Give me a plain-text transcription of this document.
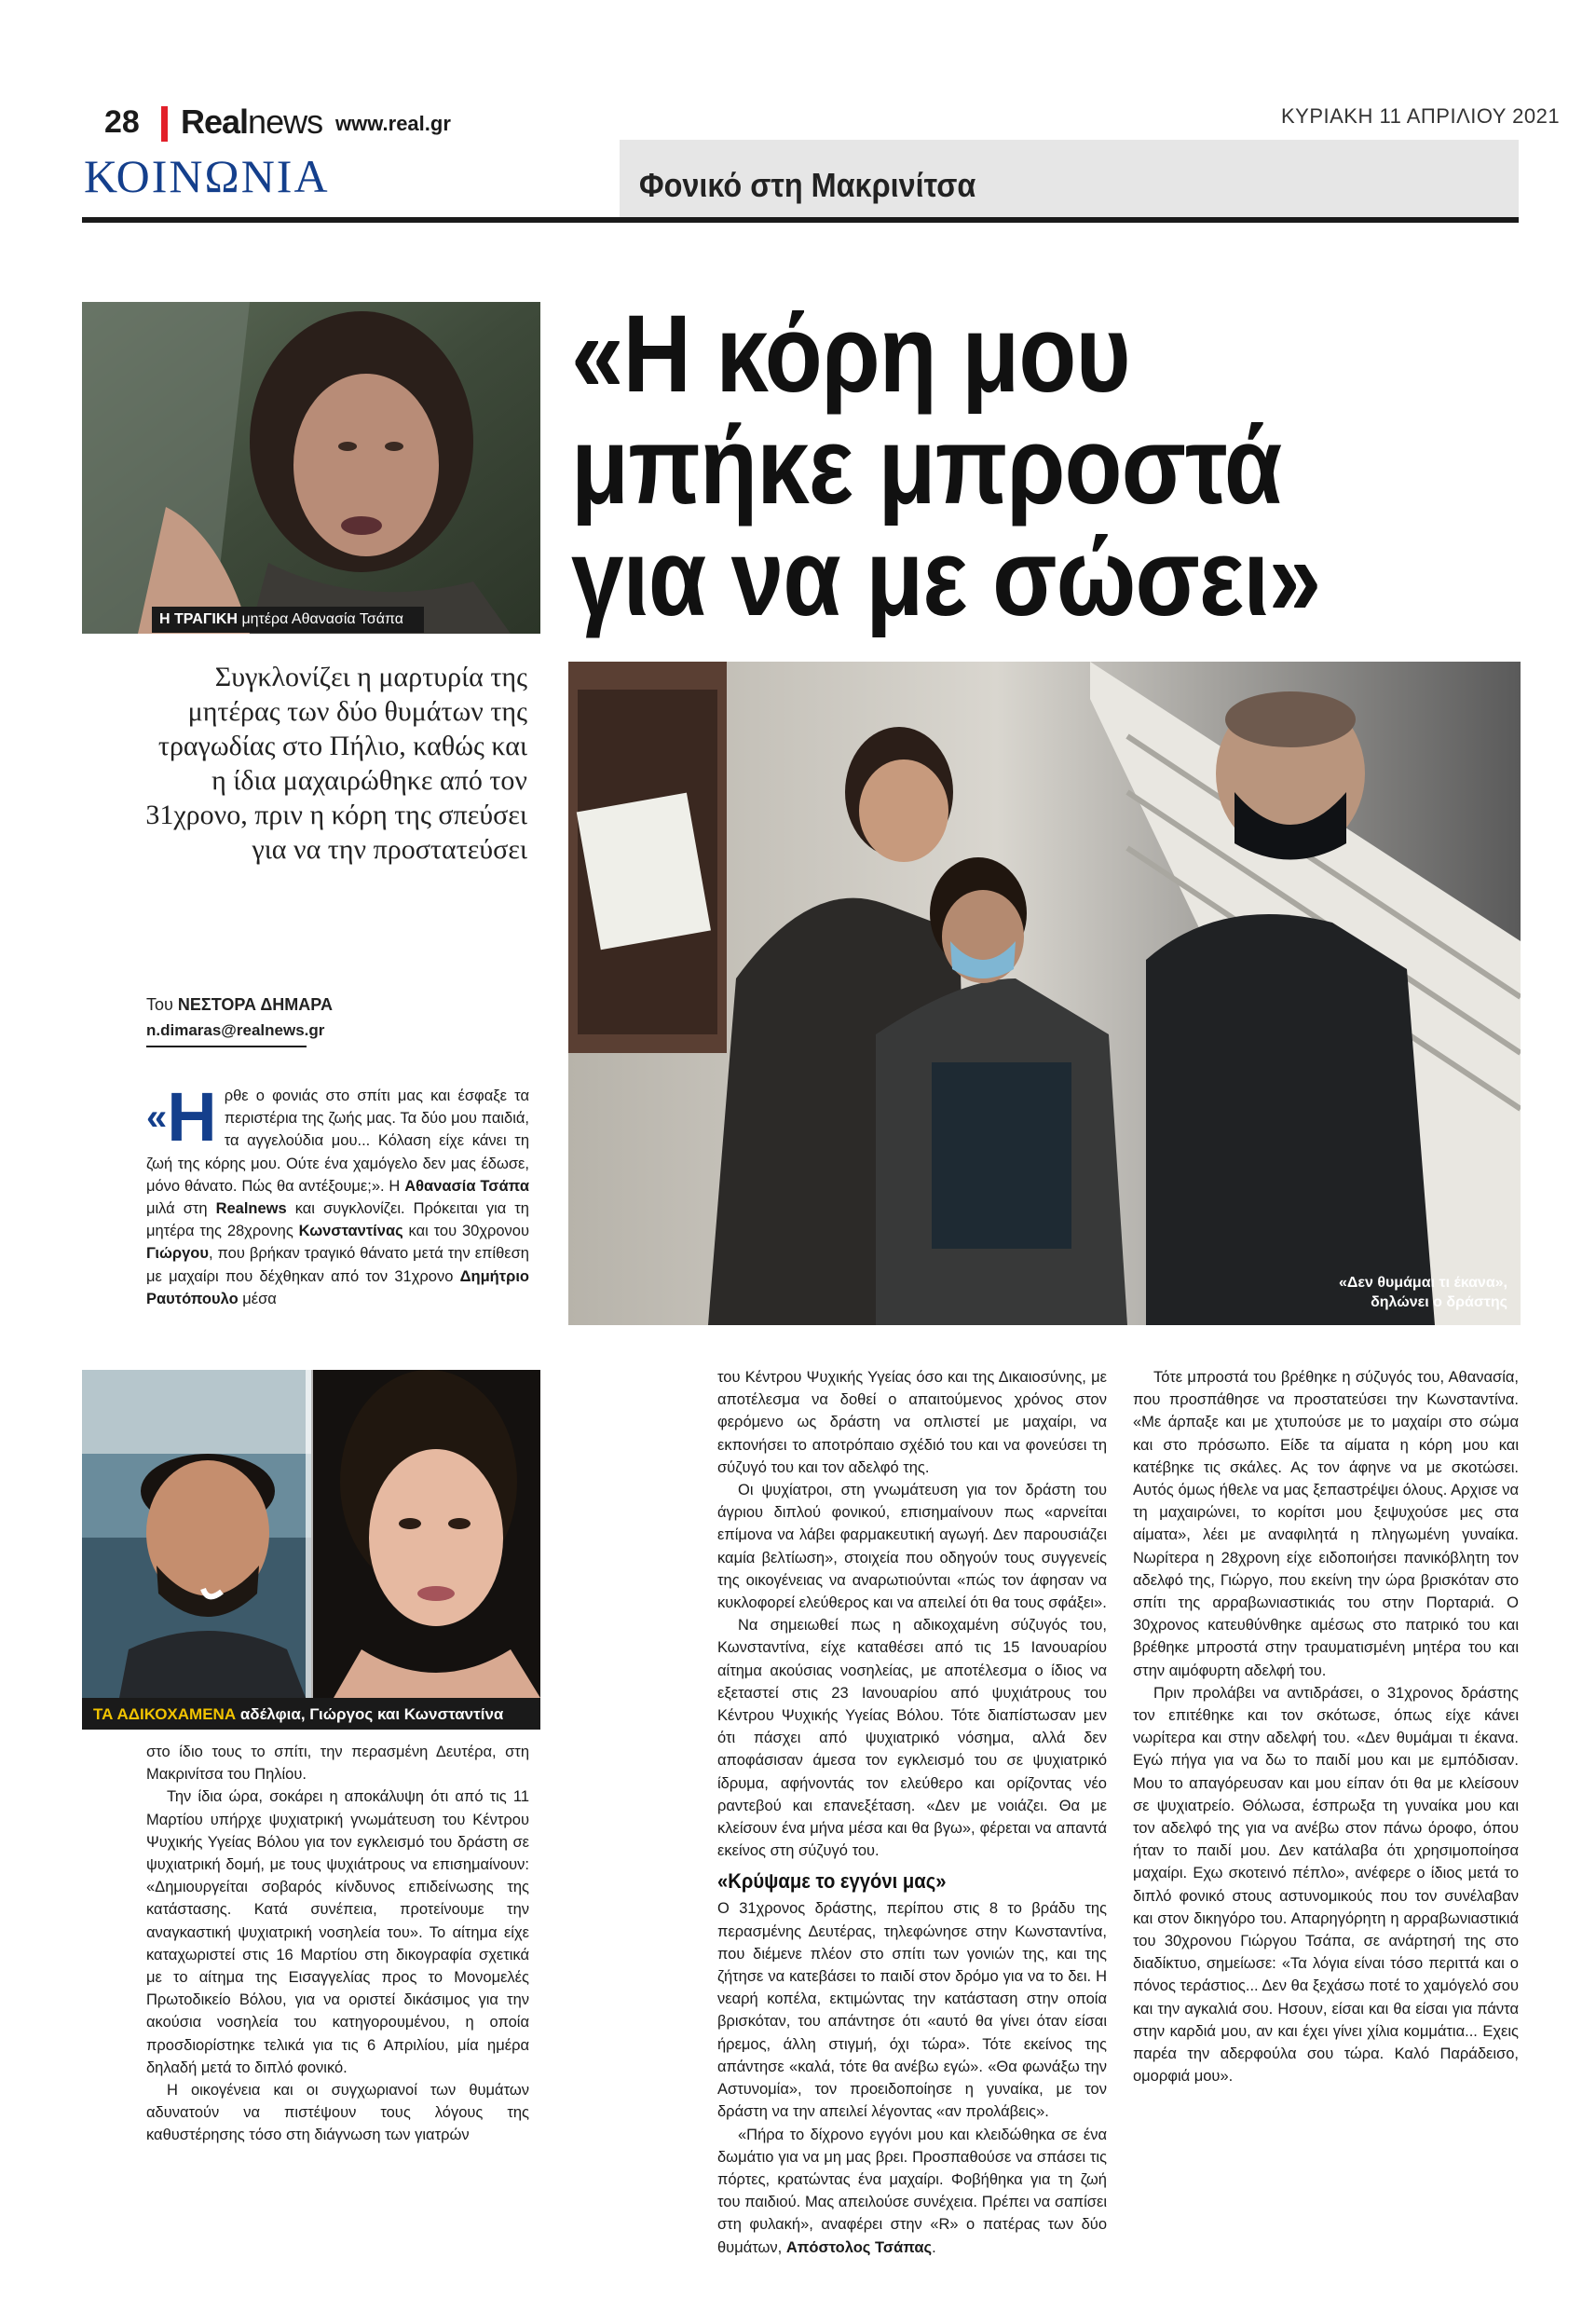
28 Realnews www.real.gr	ΚΥΡΙΑΚΗ 11 ΑΠΡΙΛΙΟΥ 2021
ΚΟΙΝΩΝΙΑ	Φονικό στη Μακρινίτσα
Η ΤΡΑΓΙΚΗ μητέρα Αθανασία Τσάπα
«Η κόρη μου μπήκε μπροστά για να με σώσει»
Συγκλονίζει η μαρτυρία της μητέρας των δύο θυμάτων της τραγωδίας στο Πήλιο, καθώς και η ίδια μαχαιρώθηκε από τον 31χρονο, πριν η κόρη της σπεύσει για να την προστατεύσει
Του ΝΕΣΤΟΡΑ ΔΗΜΑΡΑ
n.dimaras@realnews.gr
«Δεν θυμάμαι τι έκανα»,
δηλώνει ο δράστης
ΤΑ ΑΔΙΚΟΧΑΜΕΝΑ αδέλφια, Γιώργος και Κωνσταντίνα

«Η ρθε ο φονιάς στο σπίτι μας και έσφαξε τα περιστέρια της ζωής μας. Τα δύο μου παιδιά, τα αγγελούδια μου... Κόλαση είχε κάνει τη ζωή της κόρης μου. Ούτε ένα χαμόγελο δεν μας έδωσε, μόνο θάνατο. Πώς θα αντέξουμε;». Η Αθανασία Τσάπα μιλά στη Realnews και συγκλονίζει. Πρόκειται για τη μητέρα της 28χρονης Κωνσταντίνας και του 30χρονου Γιώργου, που βρήκαν τραγικό θάνατο μετά την επίθεση με μαχαίρι που δέχθηκαν από τον 31χρονο Δημήτριο Ραυτόπουλο μέσα

στο ίδιο τους το σπίτι, την περασμένη Δευτέρα, στη Μακρινίτσα του Πηλίου.

Την ίδια ώρα, σοκάρει η αποκάλυψη ότι από τις 11 Μαρτίου υπήρχε ψυχιατρική γνωμάτευση του Κέντρου Ψυχικής Υγείας Βόλου για τον εγκλεισμό του δράστη σε ψυχιατρική δομή, με τους ψυχιάτρους να επισημαίνουν: «Δημιουργείται σοβαρός κίνδυνος επιδείνωσης της κατάστασης. Κατά συνέπεια, προτείνουμε την αναγκαστική ψυχιατρική νοσηλεία του». Το αίτημα είχε καταχωριστεί στις 16 Μαρτίου στη δικογραφία σχετικά με το αίτημα της Εισαγγελίας προς το Μονομελές Πρωτοδικείο Βόλου, για να οριστεί δικάσιμος για την ακούσια νοσηλεία του κατηγορουμένου, η οποία προσδιορίστηκε τελικά για τις 6 Απριλίου, μία ημέρα δηλαδή μετά το διπλό φονικό.

Η οικογένεια και οι συγχωριανοί των θυμάτων αδυνατούν να πιστέψουν τους λόγους της καθυστέρησης τόσο στη διάγνωση των γιατρών

του Κέντρου Ψυχικής Υγείας όσο και της Δικαιοσύνης, με αποτέλεσμα να δοθεί ο απαιτούμενος χρόνος στον φερόμενο ως δράστη να οπλιστεί με μαχαίρι, να εκπονήσει το αποτρόπαιο σχέδιό του και να φονεύσει τη σύζυγό του και τον αδελφό της.

Οι ψυχίατροι, στη γνωμάτευση για τον δράστη του άγριου διπλού φονικού, επισημαίνουν πως «αρνείται επίμονα να λάβει φαρμακευτική αγωγή. Δεν παρουσιάζει καμία βελτίωση», στοιχεία που οδηγούν τους συγγενείς της οικογένειας να αναρωτιούνται «πώς τον άφησαν να κυκλοφορεί ελεύθερος και να απειλεί ότι θα τους σφάξει».

Να σημειωθεί πως η αδικοχαμένη σύζυγός του, Κωνσταντίνα, είχε καταθέσει από τις 15 Ιανουαρίου αίτημα ακούσιας νοσηλείας, με αποτέλεσμα ο ίδιος να εξεταστεί στις 23 Ιανουαρίου από ψυχιάτρους του Κέντρου Ψυχικής Υγείας Βόλου. Τότε διαπίστωσαν μεν ότι πάσχει από ψυχιατρικό νόσημα, αλλά δεν αποφάσισαν άμεσα τον εγκλεισμό του σε ψυχιατρικό ίδρυμα, αφήνοντάς τον ελεύθερο και ορίζοντας νέο ραντεβού και επανεξέταση. «Δεν με νοιάζει. Θα με κλείσουν ένα μήνα μέσα και θα βγω», φέρεται να απαντά εκείνος στη σύζυγό του.

«Κρύψαμε το εγγόνι μας»

Ο 31χρονος δράστης, περίπου στις 8 το βράδυ της περασμένης Δευτέρας, τηλεφώνησε στην Κωνσταντίνα, που διέμενε πλέον στο σπίτι των γονιών της, και της ζήτησε να κατεβάσει το παιδί στον δρόμο για να το δει. Η νεαρή κοπέλα, εκτιμώντας την κατάσταση στην οποία βρισκόταν, του απάντησε ότι «αυτό θα γίνει όταν είσαι ήρεμος, άλλη στιγμή, όχι τώρα». Τότε εκείνος της απάντησε «καλά, τότε θα ανέβω εγώ». «Θα φωνάξω την Αστυνομία», τον προειδοποίησε η γυναίκα, με τον δράστη να την απειλεί λέγοντας «αν προλάβεις».

«Πήρα το δίχρονο εγγόνι μου και κλειδώθηκα σε ένα δωμάτιο για να μη μας βρει. Προσπαθούσε να σπάσει τις πόρτες, κρατώντας ένα μαχαίρι. Φοβήθηκα για τη ζωή του παιδιού. Μας απειλούσε συνέχεια. Πρέπει να σαπίσει στη φυλακή», αναφέρει στην «R» ο πατέρας των δύο θυμάτων, Απόστολος Τσάπας.

Τότε μπροστά του βρέθηκε η σύζυγός του, Αθανασία, που προσπάθησε να προστατεύσει την Κωνσταντίνα. «Με άρπαξε και με χτυπούσε με το μαχαίρι στο σώμα και στο πρόσωπο. Είδε τα αίματα η κόρη μου και κατέβηκε τις σκάλες. Ας τον άφηνε να με σκοτώσει. Αυτός όμως ήθελε να μας ξεπαστρέψει όλους. Αρχισε να τη μαχαιρώνει, το κορίτσι μου ξεψυχούσε μες στα αίματα», λέει με αναφιλητά η πληγωμένη γυναίκα. Νωρίτερα η 28χρονη είχε ειδοποιήσει πανικόβλητη τον αδελφό της, Γιώργο, που εκείνη την ώρα βρισκόταν στο σπίτι της αρραβωνιαστικιάς του στην Πορταριά. Ο 30χρονος κατευθύνθηκε αμέσως στο πατρικό του και βρέθηκε μπροστά στην τραυματισμένη μητέρα του και στην αιμόφυρτη αδελφή του.

Πριν προλάβει να αντιδράσει, ο 31χρονος δράστης τον επιτέθηκε και τον σκότωσε, όπως είχε κάνει νωρίτερα και στην αδελφή του. «Δεν θυμάμαι τι έκανα. Εγώ πήγα για να δω το παιδί μου και με εμπόδισαν. Μου το απαγόρευσαν και μου είπαν ότι θα με κλείσουν σε ψυχιατρείο. Θόλωσα, έσπρωξα τη γυναίκα μου και τον αδελφό της για να ανέβω στον πάνω όροφο, όπου ήταν το παιδί μου. Δεν κατάλαβα ότι χρησιμοποίησα μαχαίρι. Εχω σκοτεινό πέπλο», ανέφερε ο ίδιος μετά το διπλό φονικό στους αστυνομικούς που τον συνέλαβαν και στον δικηγόρο του. Απαρηγόρητη η αρραβωνιαστικιά του 30χρονου Γιώργου Τσάπα, σε ανάρτησή της στο διαδίκτυο, σημείωσε: «Τα λόγια είναι τόσο περιττά και ο πόνος τεράστιος... Δεν θα ξεχάσω ποτέ το χαμόγελό σου και την αγκαλιά σου. Ησουν, είσαι και θα είσαι για πάντα στην καρδιά μου, αν και έχει γίνει χίλια κομμάτια... Εχεις παρέα την αδερφούλα σου τώρα. Καλό Παράδεισο, ομορφιά μου».
